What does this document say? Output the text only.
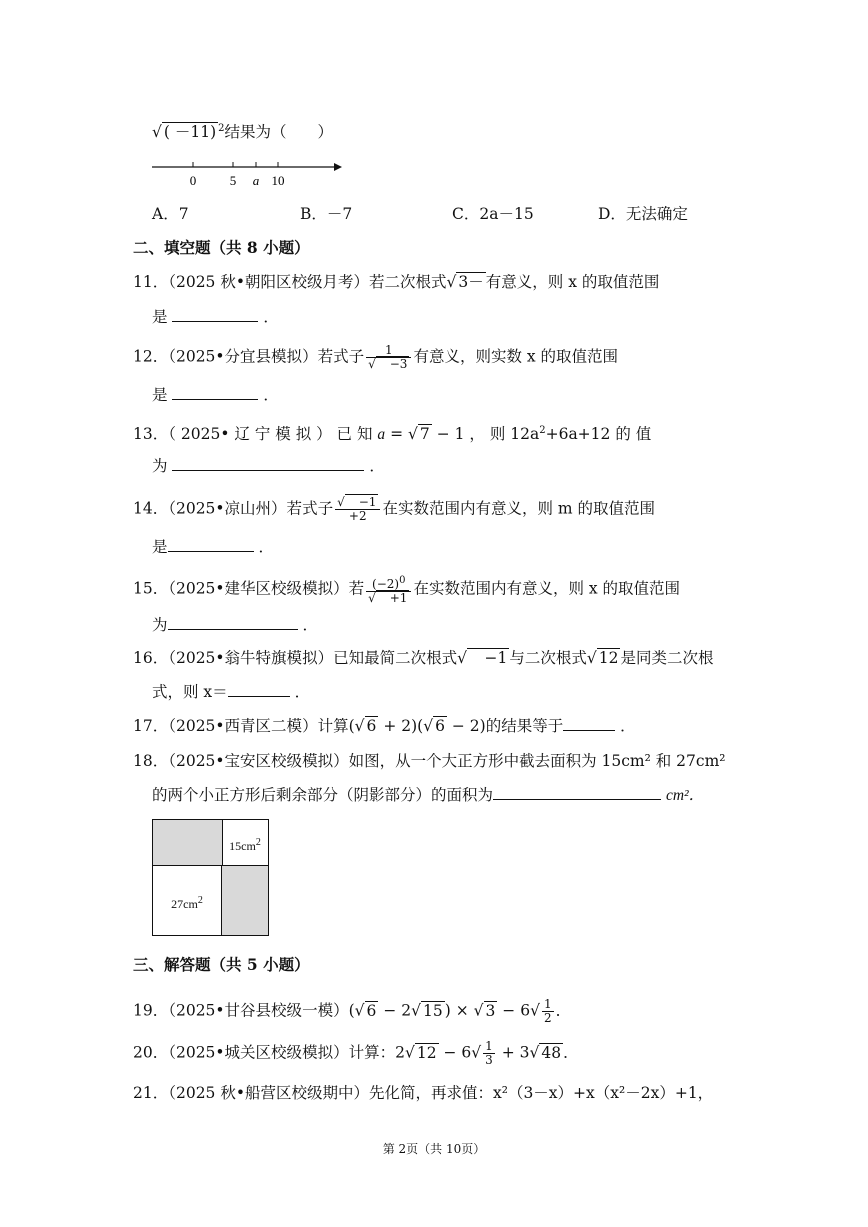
√ ( －11) $^2$结果为（　　）
0	5 a 10
A．7	B．－7	C．2a－15	D．无法确定
二、填空题（共 8 小题）
11．（2025 秋•朝阳区校级月考）若二次根式√ 3－ 有意义，则 x 的取值范围
是	．
12．（2025•分宜县模拟）若式子 $\frac{1}{√ -3}$ 有意义，则实数 x 的取值范围
是	．
13．（ 2025• 辽 宁 模 拟 ） 已 知 a = √ 7 − 1 ， 则 $12a^2+6a+12$ 的 值
为	．
14．（2025•凉山州）若式子 $\frac{√ -1}{+2}$ 在实数范围内有意义，则 m 的取值范围
是	．
15．（2025•建华区校级模拟）若 $\frac{(-2)^0}{√ +1}$ 在实数范围内有意义，则 x 的取值范围
为	．
16．（2025•翁牛特旗模拟）已知最简二次根式√　−1 与二次根式√ 12 是同类二次根
式，则 x＝	．
17．（2025•西青区二模）计算(√ 6 + 2)(√ 6 − 2)的结果等于	．
18．（2025•宝安区校级模拟）如图，从一个大正方形中截去面积为 15cm² 和 27cm²
的两个小正方形后剩余部分（阴影部分）的面积为	cm²．
$15cm^2$
$27cm^2$
三、解答题（共 5 小题）
19．（2025•甘谷县校级一模）(√ 6 − 2√ 15 ) × √ $3 - 6√ \frac{1}{2}$ ．
20．（2025•城关区校级模拟）计算：2√ $12 - 6√ \frac{1}{3} + 3√$ 48 ．
21．（2025 秋•船营区校级期中）先化简，再求值：x²（3－x）+x（x²－2x）+1，
第 2页（共 10页）
